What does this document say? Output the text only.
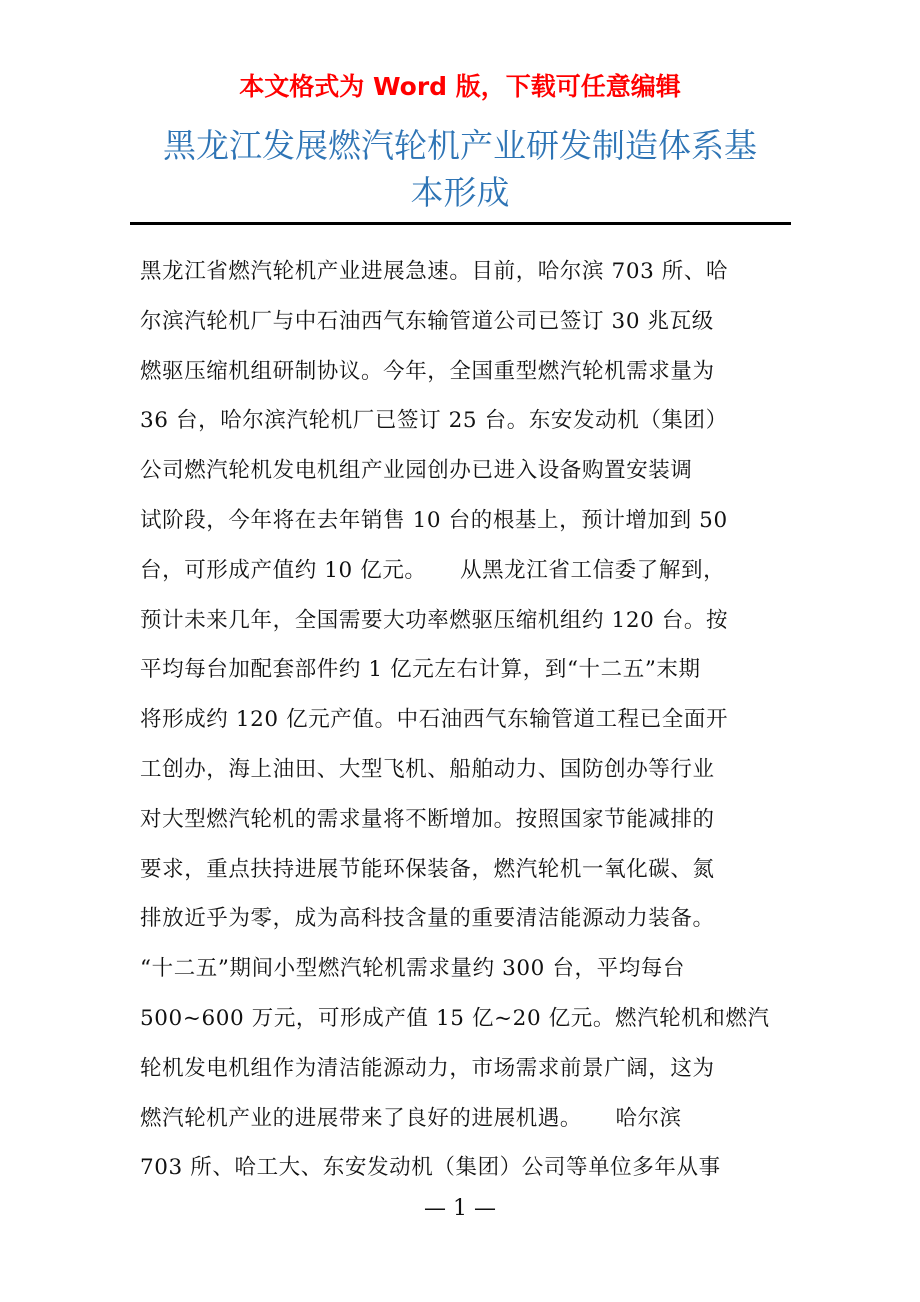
本文格式为 Word 版，下载可任意编辑
黑龙江发展燃汽轮机产业研发制造体系基
本形成
黑龙江省燃汽轮机产业进展急速。目前，哈尔滨 703 所、哈
尔滨汽轮机厂与中石油西气东输管道公司已签订 30 兆瓦级
燃驱压缩机组研制协议。今年，全国重型燃汽轮机需求量为
36 台，哈尔滨汽轮机厂已签订 25 台。东安发动机（集团）
公司燃汽轮机发电机组产业园创办已进入设备购置安装调
试阶段，今年将在去年销售 10 台的根基上，预计增加到 50
台，可形成产值约 10 亿元。　　从黑龙江省工信委了解到，
预计未来几年，全国需要大功率燃驱压缩机组约 120 台。按
平均每台加配套部件约 1 亿元左右计算，到“十二五”末期
将形成约 120 亿元产值。中石油西气东输管道工程已全面开
工创办，海上油田、大型飞机、船舶动力、国防创办等行业
对大型燃汽轮机的需求量将不断增加。按照国家节能减排的
要求，重点扶持进展节能环保装备，燃汽轮机一氧化碳、氮
排放近乎为零，成为高科技含量的重要清洁能源动力装备。
“十二五”期间小型燃汽轮机需求量约 300 台，平均每台
500~600 万元，可形成产值 15 亿~20 亿元。燃汽轮机和燃汽
轮机发电机组作为清洁能源动力，市场需求前景广阔，这为
燃汽轮机产业的进展带来了良好的进展机遇。　　哈尔滨
703 所、哈工大、东安发动机（集团）公司等单位多年从事
— 1 —
